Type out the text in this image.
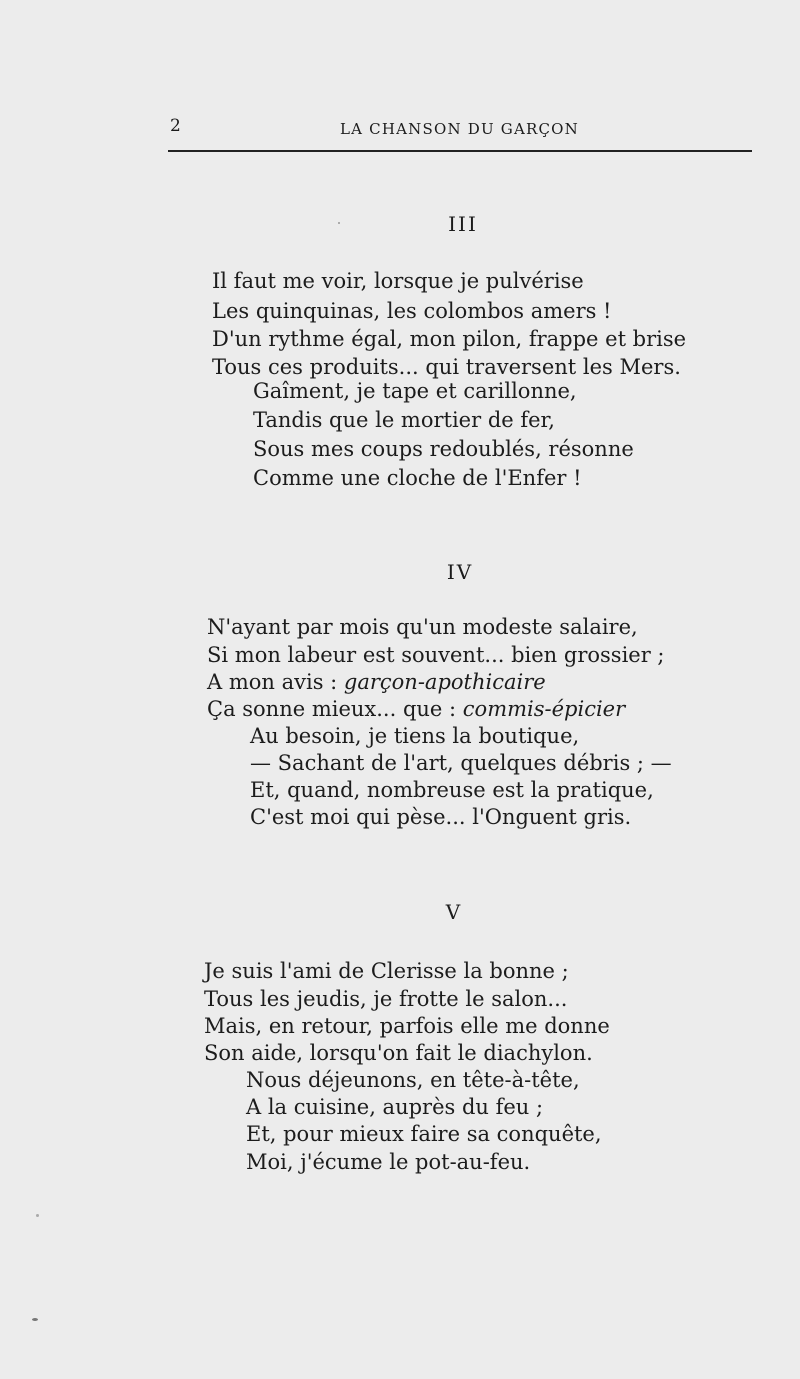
2	LA CHANSON DU GARÇON
III
Il faut me voir, lorsque je pulvérise
Les quinquinas, les colombos amers !
D'un rythme égal, mon pilon, frappe et brise
Tous ces produits... qui traversent les Mers.
Gaîment, je tape et carillonne,
Tandis que le mortier de fer,
Sous mes coups redoublés, résonne
Comme une cloche de l'Enfer !
IV
N'ayant par mois qu'un modeste salaire,
Si mon labeur est souvent... bien grossier ;
A mon avis : garçon-apothicaire
Ça sonne mieux... que : commis-épicier
Au besoin, je tiens la boutique,
— Sachant de l'art, quelques débris ; —
Et, quand, nombreuse est la pratique,
C'est moi qui pèse... l'Onguent gris.
V
Je suis l'ami de Clerisse la bonne ;
Tous les jeudis, je frotte le salon...
Mais, en retour, parfois elle me donne
Son aide, lorsqu'on fait le diachylon.
Nous déjeunons, en tête-à-tête,
A la cuisine, auprès du feu ;
Et, pour mieux faire sa conquête,
Moi, j'écume le pot-au-feu.
